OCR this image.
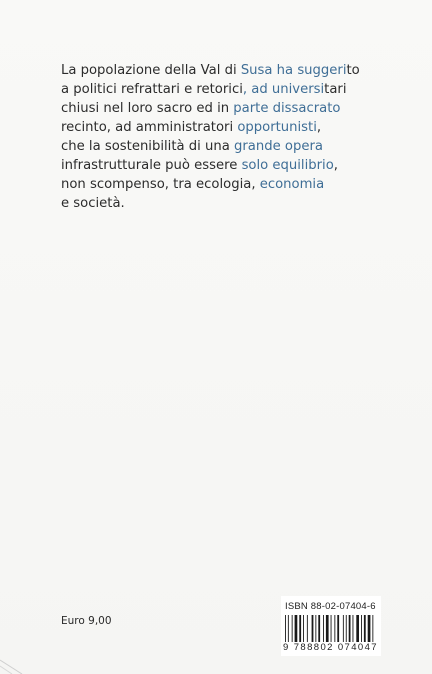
La popolazione della Val di Susa ha suggerito
a politici refrattari e retorici, ad universitari
chiusi nel loro sacro ed in parte dissacrato
recinto, ad amministratori opportunisti,
che la sostenibilità di una grande opera
infrastrutturale può essere solo equilibrio,
non scompenso, tra ecologia, economia
e società.
Euro 9,00
ISBN 88-02-07404-6
9 788802 074047
